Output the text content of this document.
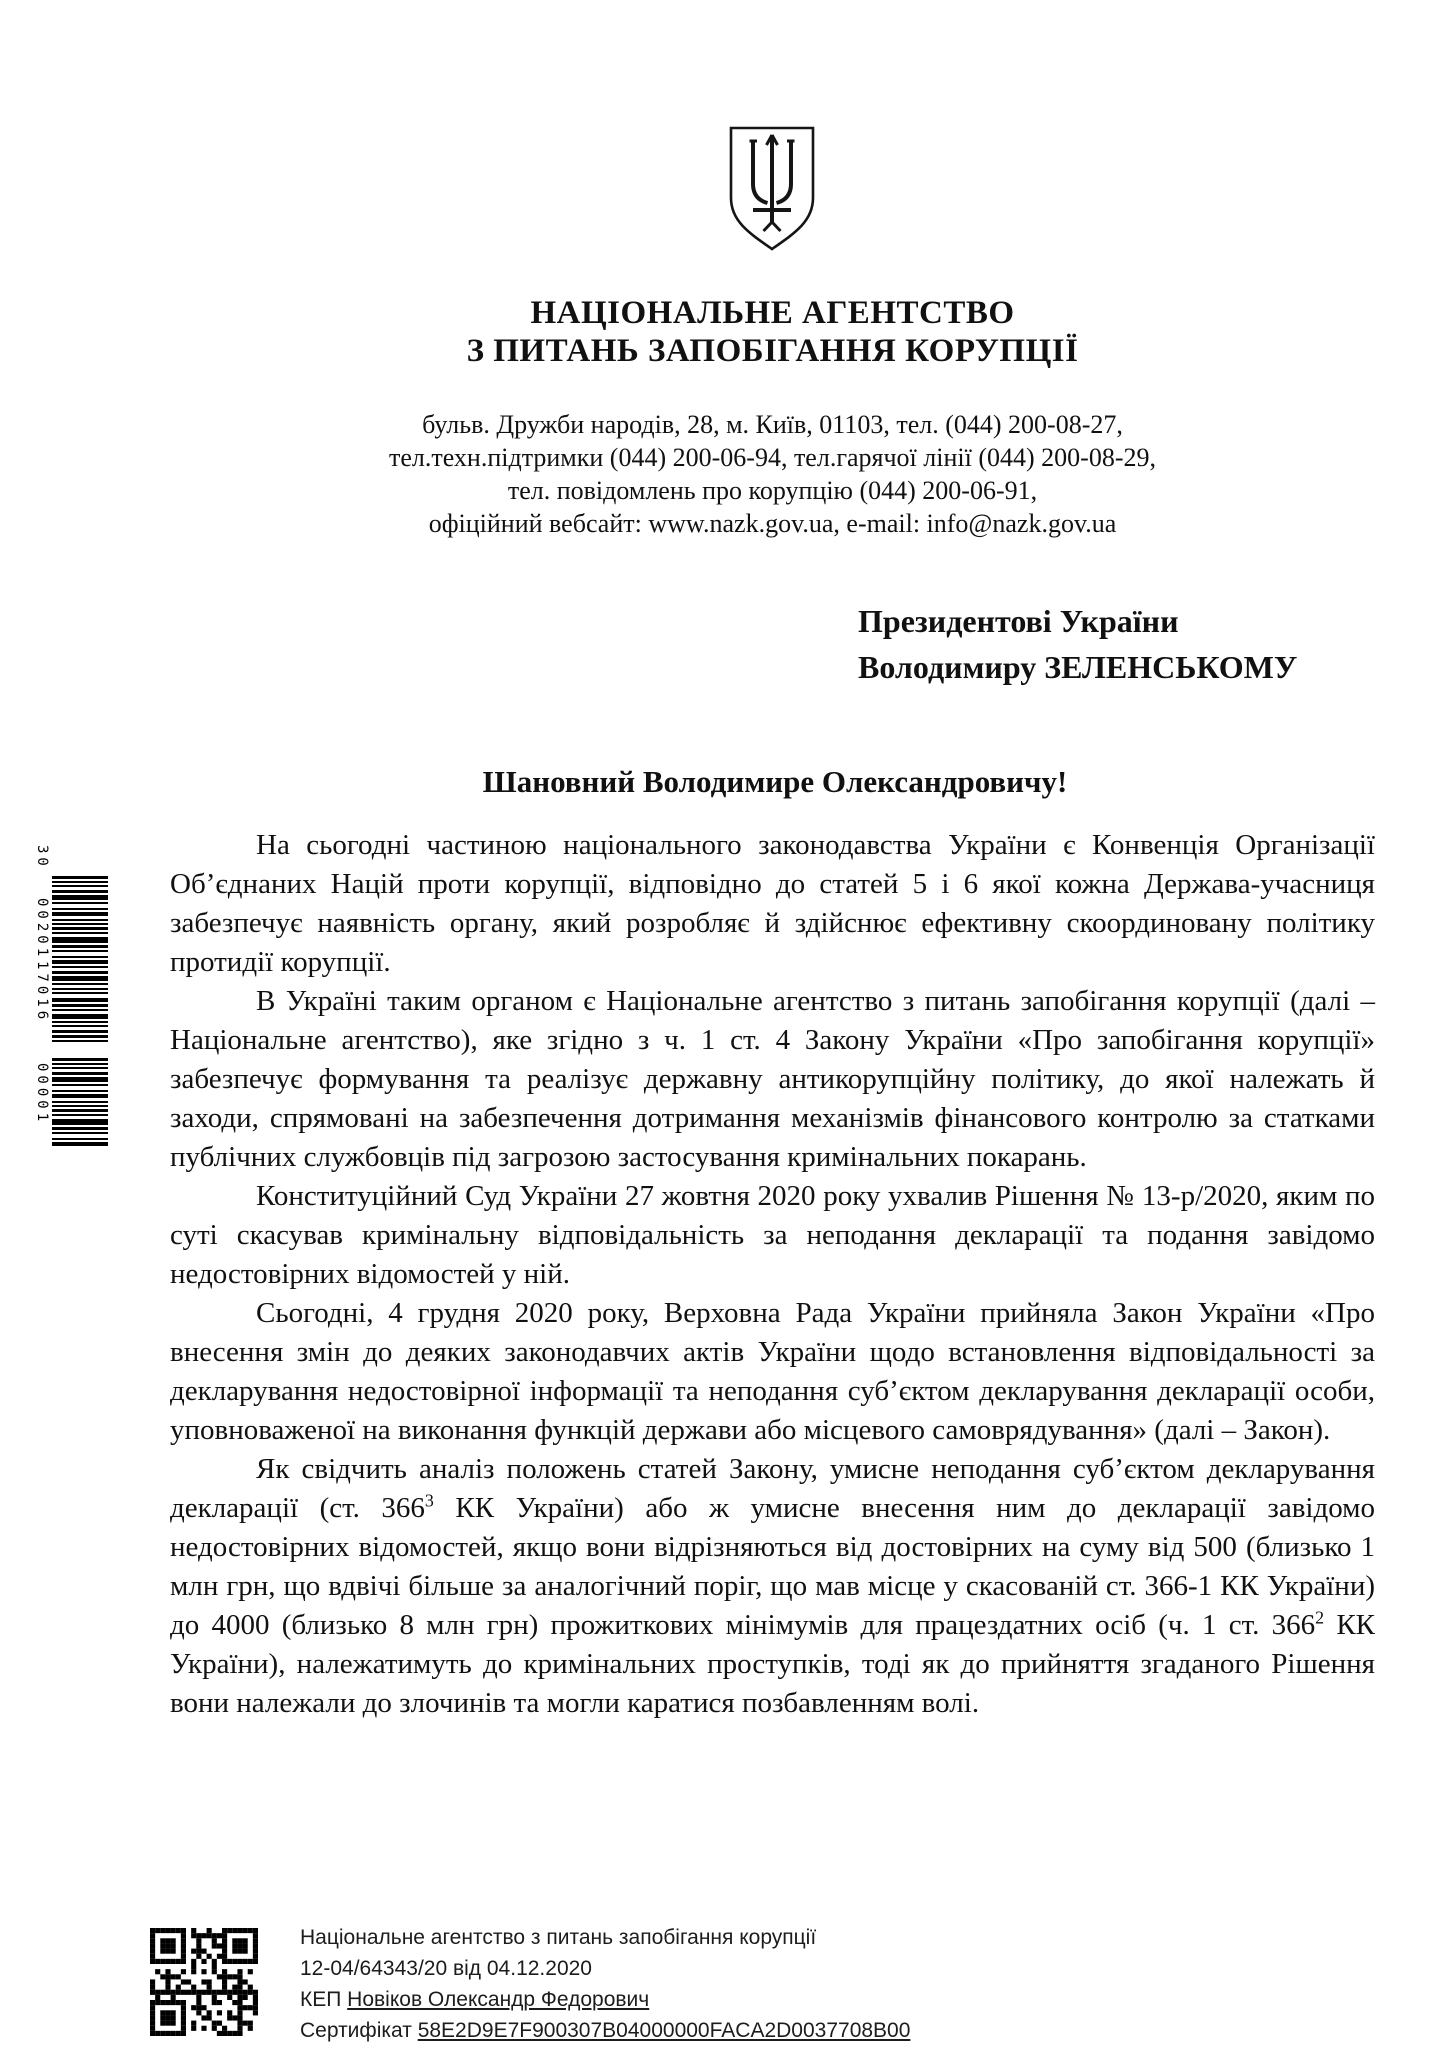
30
00201
17016
00001
НАЦІОНАЛЬНЕ АГЕНТСТВО
З ПИТАНЬ ЗАПОБІГАННЯ КОРУПЦІЇ
бульв. Дружби народів, 28, м. Київ, 01103, тел. (044) 200-08-27,
тел.техн.підтримки (044) 200-06-94, тел.гарячої лінії (044) 200-08-29,
тел. повідомлень про корупцію (044) 200-06-91,
офіційний вебсайт: www.nazk.gov.ua, e-mail: info@nazk.gov.ua
Президентові України
Володимиру ЗЕЛЕНСЬКОМУ
Шановний Володимире Олександровичу!

На сьогодні частиною національного законодавства України є Конвенція Організації Об’єднаних Націй проти корупції, відповідно до статей 5 і 6 якої кожна Держава-учасниця забезпечує наявність органу, який розробляє й здійснює ефективну скоординовану політику протидії корупції.

В Україні таким органом є Національне агентство з питань запобігання корупції (далі – Національне агентство), яке згідно з ч. 1 ст. 4 Закону України «Про запобігання корупції» забезпечує формування та реалізує державну антикорупційну політику, до якої належать й заходи, спрямовані на забезпечення дотримання механізмів фінансового контролю за статками публічних службовців під загрозою застосування кримінальних покарань.

Конституційний Суд України 27 жовтня 2020 року ухвалив Рішення № 13-р/2020, яким по суті скасував кримінальну відповідальність за неподання декларації та подання завідомо недостовірних відомостей у ній.

Сьогодні, 4 грудня 2020 року, Верховна Рада України прийняла Закон України «Про внесення змін до деяких законодавчих актів України щодо встановлення відповідальності за декларування недостовірної інформації та неподання суб’єктом декларування декларації особи, уповноваженої на виконання функцій держави або місцевого самоврядування» (далі – Закон).

Як свідчить аналіз положень статей Закону, умисне неподання суб’єктом декларування декларації (ст. $366^3$ КК України) або ж умисне внесення ним до декларації завідомо недостовірних відомостей, якщо вони відрізняються від достовірних на суму від 500 (близько 1 млн грн, що вдвічі більше за аналогічний поріг, що мав місце у скасованій ст. 366-1 КК України) до 4000 (близько 8 млн грн) прожиткових мінімумів для працездатних осіб (ч. 1 ст. $366^2$ КК України), належатимуть до кримінальних проступків, тоді як до прийняття згаданого Рішення вони належали до злочинів та могли каратися позбавленням волі.

Національне агентство з питань запобігання корупції
12-04/64343/20 від 04.12.2020
КЕП Новіков Олександр Федорович
Сертифікат 58E2D9E7F900307B04000000FACA2D0037708B00
